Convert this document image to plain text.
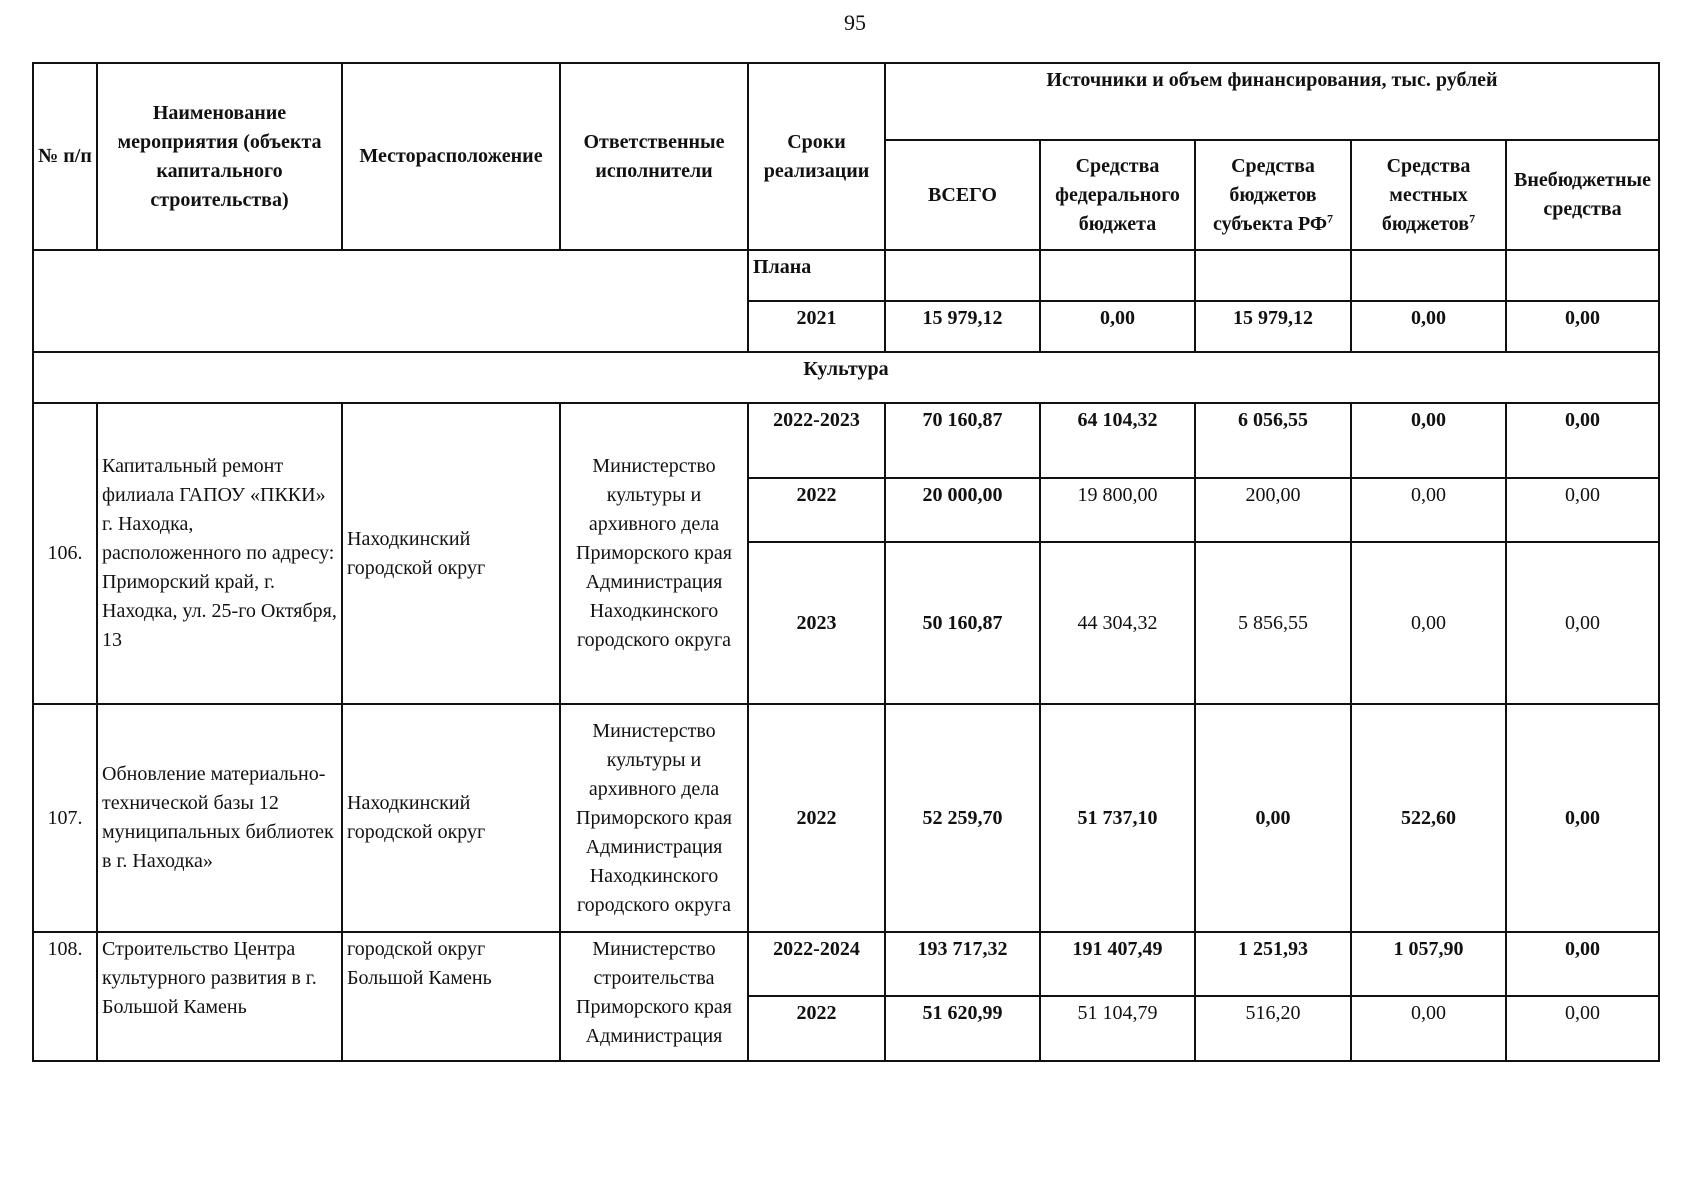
95
№ п/п	Наименование мероприятия (объекта капитального строительства)	Месторасположение	Ответственные исполнители	Сроки реализации	Источники и объем финансирования, тыс. рублей				
					ВСЕГО	Средства федерального бюджета	Средства бюджетов субъекта $РФ^7$	Средства местных бюджетов$^7$	Внебюджетные средства
				Плана					
				2021	15 979,12	0,00	15 979,12	0,00	0,00
Культура									
106.	Капитальный ремонт филиала ГАПОУ «ПККИ» г. Находка, расположенного по адресу: Приморский край, г. Находка, ул. 25-го Октября, 13	Находкинский городской округ	Министерство культуры и архивного дела Приморского края Администрация Находкинского городского округа	2022-2023	70 160,87	64 104,32	6 056,55	0,00	0,00
				2022	20 000,00	19 800,00	200,00	0,00	0,00
				2023	50 160,87	44 304,32	5 856,55	0,00	0,00
107.	Обновление материально-технической базы 12 муниципальных библиотек в г. Находка»	Находкинский городской округ	Министерство культуры и архивного дела Приморского края Администрация Находкинского городского округа	2022	52 259,70	51 737,10	0,00	522,60	0,00
108.	Строительство Центра культурного развития в г. Большой Камень	городской округ Большой Камень	Министерство строительства Приморского края Администрация	2022-2024	193 717,32	191 407,49	1 251,93	1 057,90	0,00
				2022	51 620,99	51 104,79	516,20	0,00	0,00
